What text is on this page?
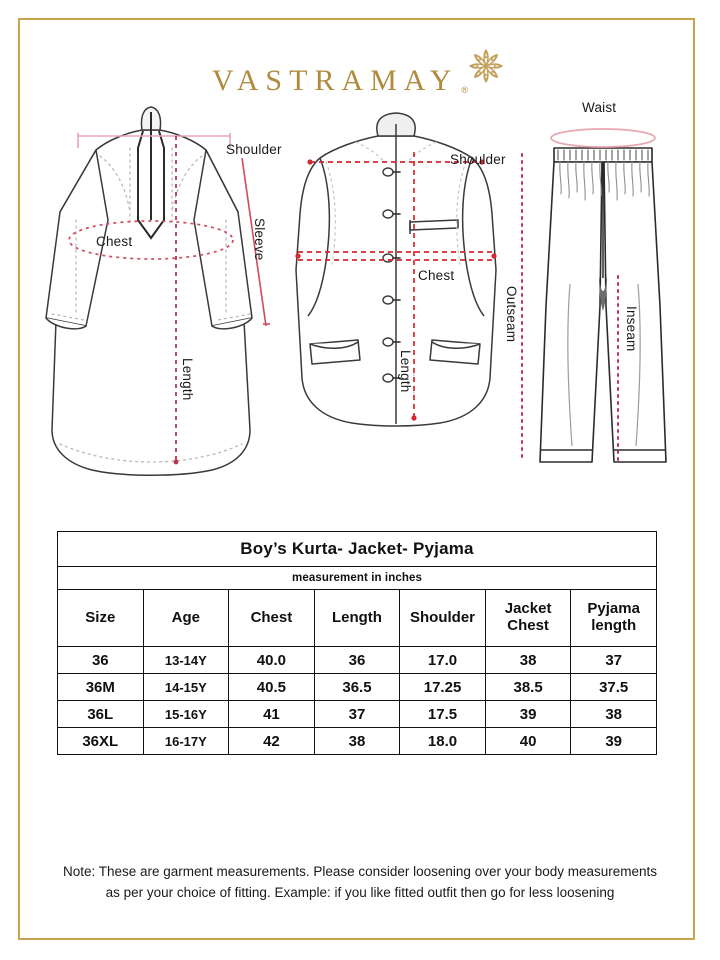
VASTRAMAY ®
Shoulder
Chest	Sleeve
Length
Shoulder
Chest
Length
Waist
Outseam	Inseam
Boy’s Kurta- Jacket- Pyjama						
measurement in inches						
Size	Age	Chest	Length	Shoulder	Jacket Chest	Pyjama
length
36	13-14Y	40.0	36	17.0	38	37
36M	14-15Y	40.5	36.5	17.25	38.5	37.5
36L	15-16Y	41	37	17.5	39	38
36XL	16-17Y	42	38	18.0	40	39
Note: These are garment measurements. Please consider loosening over your body measurements
as per your choice of fitting. Example: if you like fitted outfit then go for less loosening
